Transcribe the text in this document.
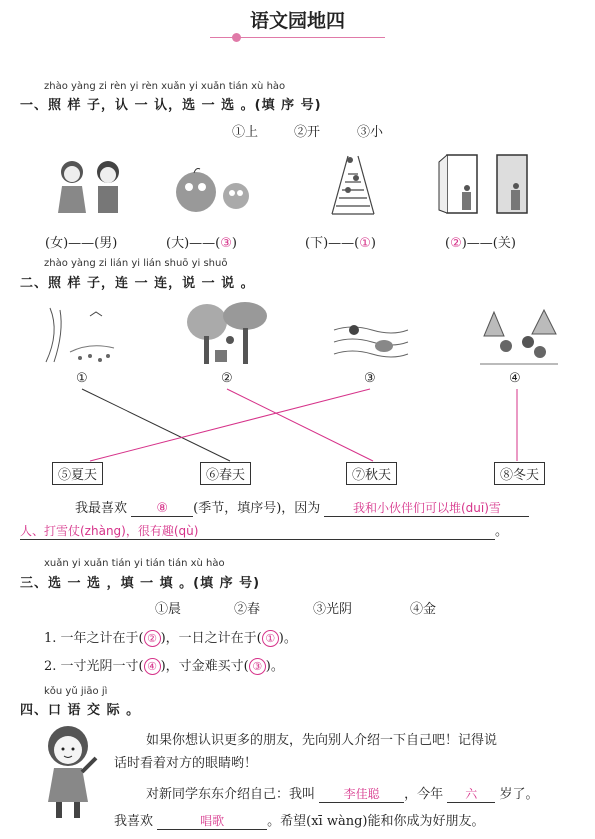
语文园地四
zhào yàng zi rèn yi rèn xuǎn yi xuǎn tián xù hào
一、照 样 子，认 一 认，选 一 选 。(填 序 号)
①上	②开	③小
(女)——(男)	(大)——(③)	(下)——(①)	(②)——(关)
zhào yàng zi lián yi lián shuō yi shuō
二、照 样 子，连 一 连，说 一 说 。
①	②	③	④
⑤夏天	⑥春天	⑦秋天	⑧冬天
我最喜欢 ⑧ (季节，填序号)，因为	我和小伙伴们可以堆(duī)雪
人、打雪仗(zhàng)，很有趣(qù)	。
xuǎn yi xuǎn tián yi tián tián xù hào
三、选 一 选 ，填 一 填 。(填 序 号)
①晨	②春	③光阴	④金
1. 一年之计在于( ② )，一日之计在于( ① )。
2. 一寸光阴一寸( ④ )，寸金难买寸( ③ )。
kǒu yǔ jiāo jì
四、口 语 交 际 。
如果你想认识更多的朋友，先向别人介绍一下自己吧！记得说
话时看着对方的眼睛哟！
对新同学东东介绍自己：我叫 李佳聪 ，今年 六 岁了。
我喜欢	唱歌	。希望(xī wàng)能和你成为好朋友。
